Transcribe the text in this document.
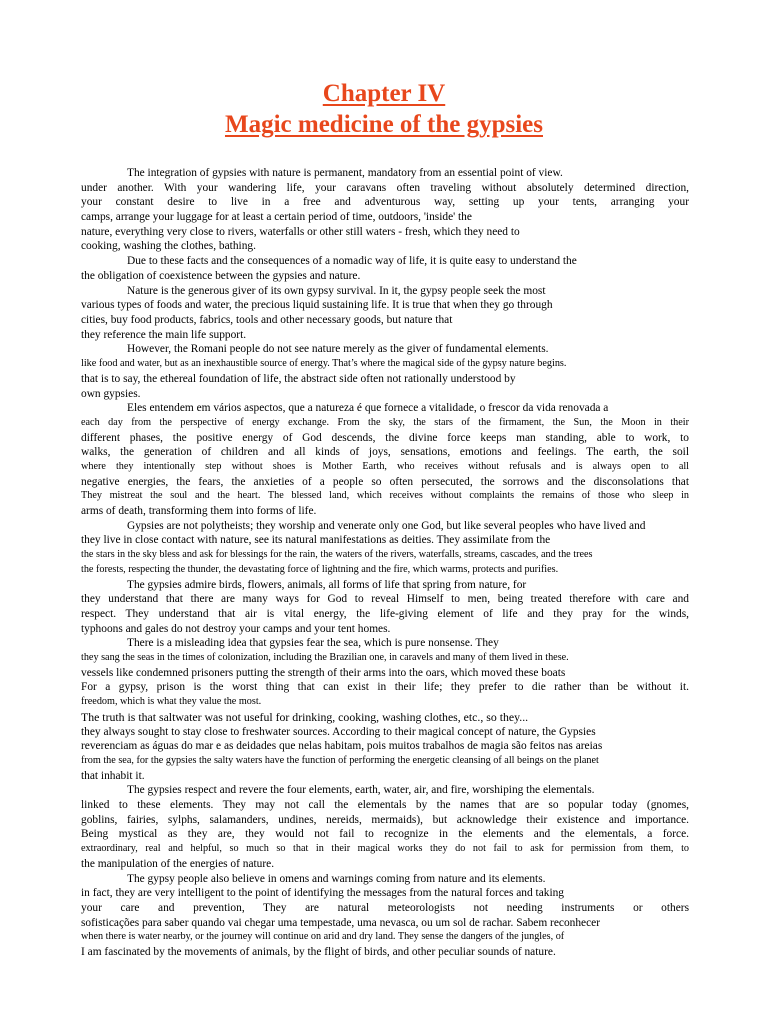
Chapter IV
Magic medicine of the gypsies
The integration of gypsies with nature is permanent, mandatory from an essential point of view.
under another. With your wandering life, your caravans often traveling without absolutely determined direction,
your constant desire to live in a free and adventurous way, setting up your tents, arranging your
camps, arrange your luggage for at least a certain period of time, outdoors, 'inside' the
nature, everything very close to rivers, waterfalls or other still waters - fresh, which they need to
cooking, washing the clothes, bathing.
Due to these facts and the consequences of a nomadic way of life, it is quite easy to understand the
the obligation of coexistence between the gypsies and nature.
Nature is the generous giver of its own gypsy survival. In it, the gypsy people seek the most
various types of foods and water, the precious liquid sustaining life. It is true that when they go through
cities, buy food products, fabrics, tools and other necessary goods, but nature that
they reference the main life support.
However, the Romani people do not see nature merely as the giver of fundamental elements.
like food and water, but as an inexhaustible source of energy. That’s where the magical side of the gypsy nature begins.
that is to say, the ethereal foundation of life, the abstract side often not rationally understood by
own gypsies.
Eles entendem em vários aspectos, que a natureza é que fornece a vitalidade, o frescor da vida renovada a
each day from the perspective of energy exchange. From the sky, the stars of the firmament, the Sun, the Moon in their
different phases, the positive energy of God descends, the divine force keeps man standing, able to work, to
walks, the generation of children and all kinds of joys, sensations, emotions and feelings. The earth, the soil
where they intentionally step without shoes is Mother Earth, who receives without refusals and is always open to all
negative energies, the fears, the anxieties of a people so often persecuted, the sorrows and the disconsolations that
They mistreat the soul and the heart. The blessed land, which receives without complaints the remains of those who sleep in
arms of death, transforming them into forms of life.
Gypsies are not polytheists; they worship and venerate only one God, but like several peoples who have lived and
they live in close contact with nature, see its natural manifestations as deities. They assimilate from the
the stars in the sky bless and ask for blessings for the rain, the waters of the rivers, waterfalls, streams, cascades, and the trees
the forests, respecting the thunder, the devastating force of lightning and the fire, which warms, protects and purifies.
The gypsies admire birds, flowers, animals, all forms of life that spring from nature, for
they understand that there are many ways for God to reveal Himself to men, being treated therefore with care and
respect. They understand that air is vital energy, the life-giving element of life and they pray for the winds,
typhoons and gales do not destroy your camps and your tent homes.
There is a misleading idea that gypsies fear the sea, which is pure nonsense. They
they sang the seas in the times of colonization, including the Brazilian one, in caravels and many of them lived in these.
vessels like condemned prisoners putting the strength of their arms into the oars, which moved these boats
For a gypsy, prison is the worst thing that can exist in their life; they prefer to die rather than be without it.
freedom, which is what they value the most.
The truth is that saltwater was not useful for drinking, cooking, washing clothes, etc., so they...
they always sought to stay close to freshwater sources. According to their magical concept of nature, the Gypsies
reverenciam as águas do mar e as deidades que nelas habitam, pois muitos trabalhos de magia são feitos nas areias
from the sea, for the gypsies the salty waters have the function of performing the energetic cleansing of all beings on the planet
that inhabit it.
The gypsies respect and revere the four elements, earth, water, air, and fire, worshiping the elementals.
linked to these elements. They may not call the elementals by the names that are so popular today (gnomes,
goblins, fairies, sylphs, salamanders, undines, nereids, mermaids), but acknowledge their existence and importance.
Being mystical as they are, they would not fail to recognize in the elements and the elementals, a force.
extraordinary, real and helpful, so much so that in their magical works they do not fail to ask for permission from them, to
the manipulation of the energies of nature.
The gypsy people also believe in omens and warnings coming from nature and its elements.
in fact, they are very intelligent to the point of identifying the messages from the natural forces and taking
your care and prevention, They are natural meteorologists not needing instruments or others
sofisticações para saber quando vai chegar uma tempestade, uma nevasca, ou um sol de rachar. Sabem reconhecer
when there is water nearby, or the journey will continue on arid and dry land. They sense the dangers of the jungles, of
I am fascinated by the movements of animals, by the flight of birds, and other peculiar sounds of nature.
